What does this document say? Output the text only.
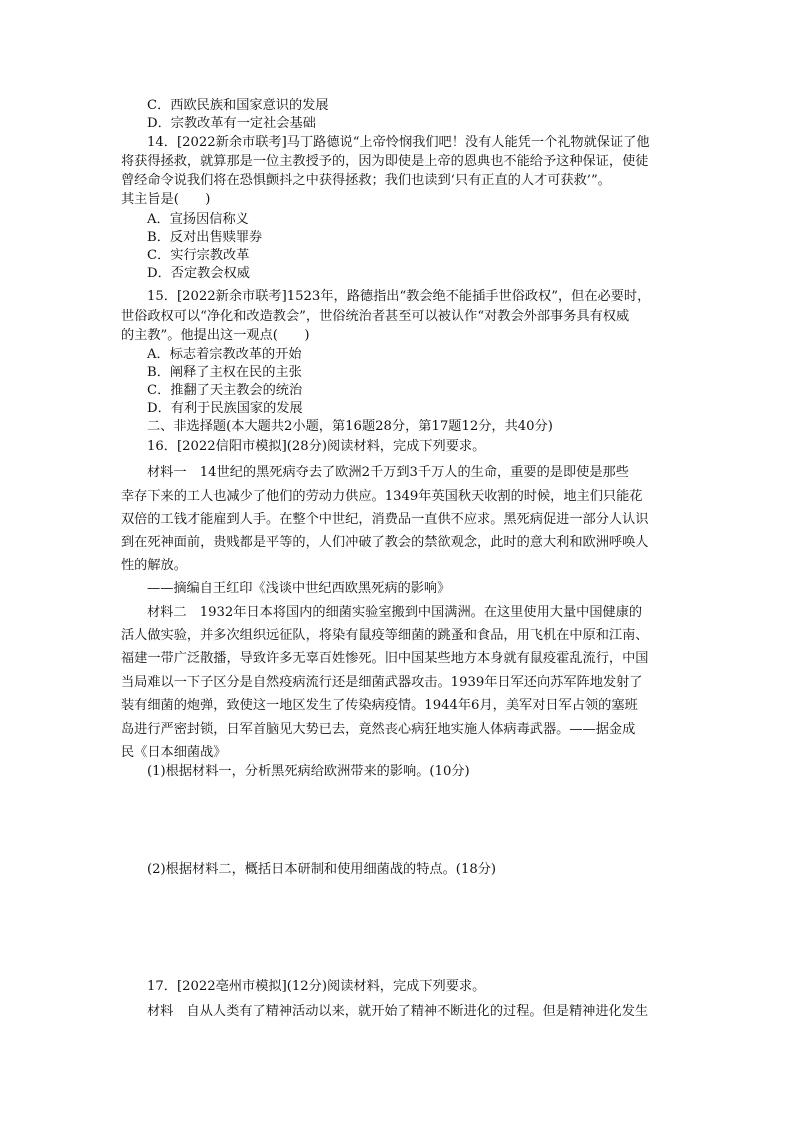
C．西欧民族和国家意识的发展
D．宗教改革有一定社会基础
14．[2022新余市联考]马丁路德说“上帝怜悯我们吧！没有人能凭一个礼物就保证了他
将获得拯救，就算那是一位主教授予的，因为即使是上帝的恩典也不能给予这种保证，使徒
曾经命令说我们将在恐惧颤抖之中获得拯救；我们也读到‘只有正直的人才可获救’”。
其主旨是(　　)
A．宣扬因信称义
B．反对出售赎罪券
C．实行宗教改革
D．否定教会权威
15．[2022新余市联考]1523年，路德指出“教会绝不能插手世俗政权”，但在必要时，
世俗政权可以“净化和改造教会”，世俗统治者甚至可以被认作“对教会外部事务具有权威
的主教”。他提出这一观点(　　)
A．标志着宗教改革的开始
B．阐释了主权在民的主张
C．推翻了天主教会的统治
D．有利于民族国家的发展
二、非选择题(本大题共2小题，第16题28分，第17题12分，共40分)
16．[2022信阳市模拟](28分)阅读材料，完成下列要求。
材料一　14世纪的黑死病夺去了欧洲2千万到3千万人的生命，重要的是即使是那些
幸存下来的工人也减少了他们的劳动力供应。1349年英国秋天收割的时候，地主们只能花
双倍的工钱才能雇到人手。在整个中世纪，消费品一直供不应求。黑死病促进一部分人认识
到在死神面前，贵贱都是平等的，人们冲破了教会的禁欲观念，此时的意大利和欧洲呼唤人
性的解放。
——摘编自王红印《浅谈中世纪西欧黑死病的影响》
材料二　1932年日本将国内的细菌实验室搬到中国满洲。在这里使用大量中国健康的
活人做实验，并多次组织远征队，将染有鼠疫等细菌的跳蚤和食品，用飞机在中原和江南、
福建一带广泛散播，导致许多无辜百姓惨死。旧中国某些地方本身就有鼠疫霍乱流行，中国
当局难以一下子区分是自然疫病流行还是细菌武器攻击。1939年日军还向苏军阵地发射了
装有细菌的炮弹，致使这一地区发生了传染病疫情。1944年6月，美军对日军占领的塞班
岛进行严密封锁，日军首脑见大势已去，竟然丧心病狂地实施人体病毒武器。——据金成
民《日本细菌战》
(1)根据材料一，分析黑死病给欧洲带来的影响。(10分)
(2)根据材料二，概括日本研制和使用细菌战的特点。(18分)
17．[2022亳州市模拟](12分)阅读材料，完成下列要求。
材料　自从人类有了精神活动以来，就开始了精神不断进化的过程。但是精神进化发生
